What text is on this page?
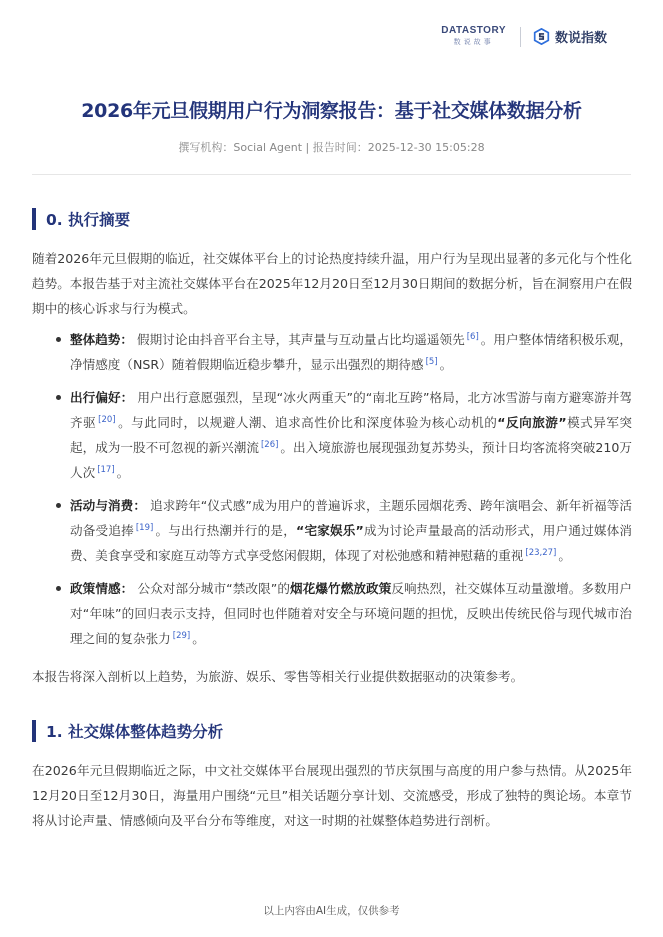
DATASTORY
数说故事	数说指数
2026年元旦假期用户行为洞察报告：基于社交媒体数据分析
撰写机构：Social Agent | 报告时间：2025-12-30 15:05:28
0. 执行摘要

随着2026年元旦假期的临近，社交媒体平台上的讨论热度持续升温，用户行为呈现出显著的多元化与个性化趋势。本报告基于对主流社交媒体平台在2025年12月20日至12月30日期间的数据分析，旨在洞察用户在假期中的核心诉求与行为模式。

整体趋势： 假期讨论由抖音平台主导，其声量与互动量占比均遥遥领先 [6] 。用户整体情绪积极乐观，净情感度（NSR）随着假期临近稳步攀升，显示出强烈的期待感 [5] 。
出行偏好： 用户出行意愿强烈，呈现“冰火两重天”的“南北互跨”格局，北方冰雪游与南方避寒游并驾齐驱 [20] 。与此同时，以规避人潮、追求高性价比和深度体验为核心动机的“反向旅游”模式异军突起，成为一股不可忽视的新兴潮流 [26] 。出入境旅游也展现强劲复苏势头，预计日均客流将突破210万人次 [17] 。
活动与消费： 追求跨年“仪式感”成为用户的普遍诉求，主题乐园烟花秀、跨年演唱会、新年祈福等活动备受追捧 [19] 。与出行热潮并行的是，“宅家娱乐”成为讨论声量最高的活动形式，用户通过媒体消费、美食享受和家庭互动等方式享受悠闲假期，体现了对松弛感和精神慰藉的重视 [23,27] 。
政策情感： 公众对部分城市“禁改限”的烟花爆竹燃放政策反响热烈，社交媒体互动量激增。多数用户对“年味”的回归表示支持，但同时也伴随着对安全与环境问题的担忧，反映出传统民俗与现代城市治理之间的复杂张力 [29] 。

本报告将深入剖析以上趋势，为旅游、娱乐、零售等相关行业提供数据驱动的决策参考。

1. 社交媒体整体趋势分析

在2026年元旦假期临近之际，中文社交媒体平台展现出强烈的节庆氛围与高度的用户参与热情。从2025年12月20日至12月30日，海量用户围绕“元旦”相关话题分享计划、交流感受，形成了独特的舆论场。本章节将从讨论声量、情感倾向及平台分布等维度，对这一时期的社媒整体趋势进行剖析。

以上内容由AI生成，仅供参考
